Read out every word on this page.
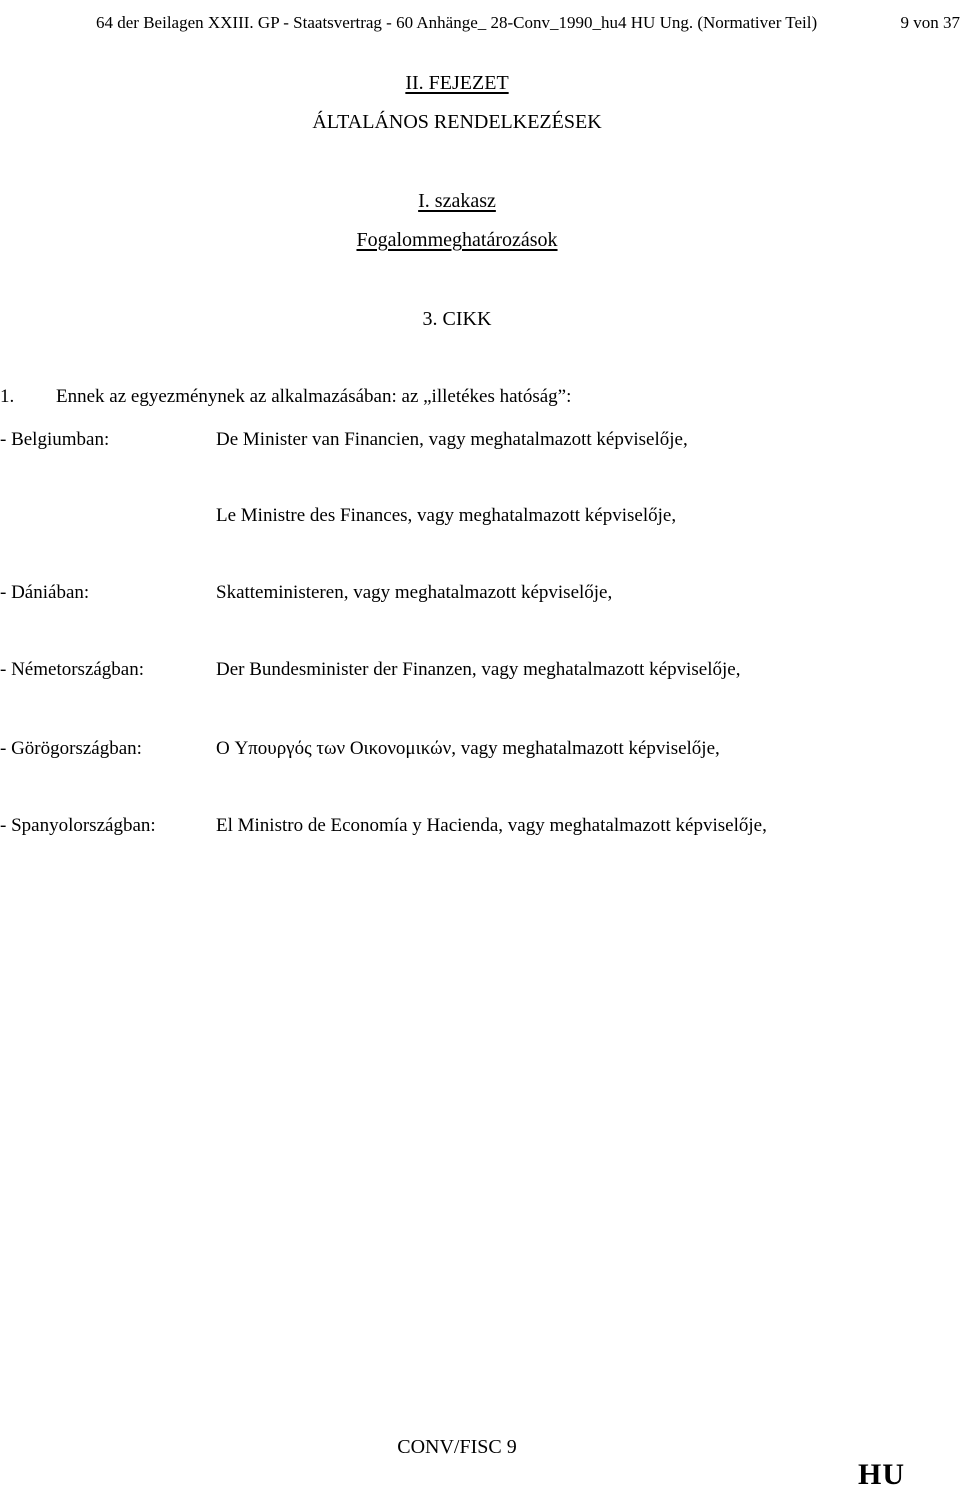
64 der Beilagen XXIII. GP - Staatsvertrag - 60 Anhänge_ 28-Conv_1990_hu4 HU Ung. (Normativer Teil)	9 von 37
II. FEJEZET
ÁLTALÁNOS RENDELKEZÉSEK
I. szakasz
Fogalommeghatározások
3. CIKK
1. Ennek az egyezménynek az alkalmazásában: az „illetékes hatóság”:
- Belgiumban:	De Minister van Financien, vagy meghatalmazott képviselője,
Le Ministre des Finances, vagy meghatalmazott képviselője,
- Dániában:	Skatteministeren, vagy meghatalmazott képviselője,
- Németországban:	Der Bundesminister der Finanzen, vagy meghatalmazott képviselője,
- Görögországban:	O Υπουργός των Οικονομικών, vagy meghatalmazott képviselője,
- Spanyolországban:	El Ministro de Economía y Hacienda, vagy meghatalmazott képviselője,
CONV/FISC 9
HU
